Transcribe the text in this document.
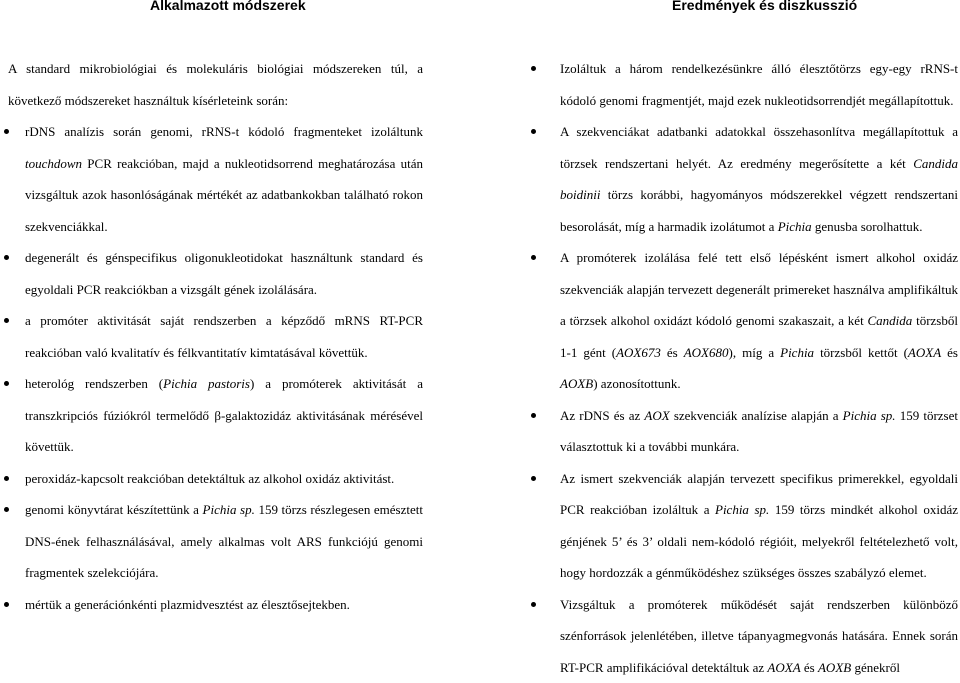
Alkalmazott módszerek	Eredmények és diszkusszió

A standard mikrobiológiai és molekuláris biológiai módszereken túl, a következő módszereket használtuk kísérleteink során:

rDNS analízis során genomi, rRNS-t kódoló fragmenteket izoláltunk touchdown PCR reakcióban, majd a nukleotidsorrend meghatározása után vizsgáltuk azok hasonlóságának mértékét az adatbankokban található rokon szekvenciákkal.
degenerált és génspecifikus oligonukleotidokat használtunk standard és egyoldali PCR reakciókban a vizsgált gének izolálására.
a promóter aktivitását saját rendszerben a képződő mRNS RT-PCR reakcióban való kvalitatív és félkvantitatív kimtatásával követtük.
heterológ rendszerben (Pichia pastoris) a promóterek aktivitását a transzkripciós fúziókról termelődő β-galaktozidáz aktivitásának mérésével követtük.
peroxidáz-kapcsolt reakcióban detektáltuk az alkohol oxidáz aktivitást.
genomi könyvtárat készítettünk a Pichia sp. 159 törzs részlegesen emésztett DNS-ének felhasználásával, amely alkalmas volt ARS funkciójú genomi fragmentek szelekciójára.
mértük a generációnkénti plazmidvesztést az élesztősejtekben.
Izoláltuk a három rendelkezésünkre álló élesztőtörzs egy-egy rRNS-t kódoló genomi fragmentjét, majd ezek nukleotidsorrendjét megállapítottuk.
A szekvenciákat adatbanki adatokkal összehasonlítva megállapítottuk a törzsek rendszertani helyét. Az eredmény megerősítette a két Candida boidinii törzs korábbi, hagyományos módszerekkel végzett rendszertani besorolását, míg a harmadik izolátumot a Pichia genusba sorolhattuk.
A promóterek izolálása felé tett első lépésként ismert alkohol oxidáz szekvenciák alapján tervezett degenerált primereket használva amplifikáltuk a törzsek alkohol oxidázt kódoló genomi szakaszait, a két Candida törzsből 1-1 gént (AOX673 és AOX680), míg a Pichia törzsből kettőt (AOXA és AOXB) azonosítottunk.
Az rDNS és az AOX szekvenciák analízise alapján a Pichia sp. 159 törzset választottuk ki a további munkára.
Az ismert szekvenciák alapján tervezett specifikus primerekkel, egyoldali PCR reakcióban izoláltuk a Pichia sp. 159 törzs mindkét alkohol oxidáz génjének 5’ és 3’ oldali nem-kódoló régióit, melyekről feltételezhető volt, hogy hordozzák a génműködéshez szükséges összes szabályzó elemet.
Vizsgáltuk a promóterek működését saját rendszerben különböző szénforrások jelenlétében, illetve tápanyagmegvonás hatására. Ennek során RT-PCR amplifikációval detektáltuk az AOXA és AOXB génekről
